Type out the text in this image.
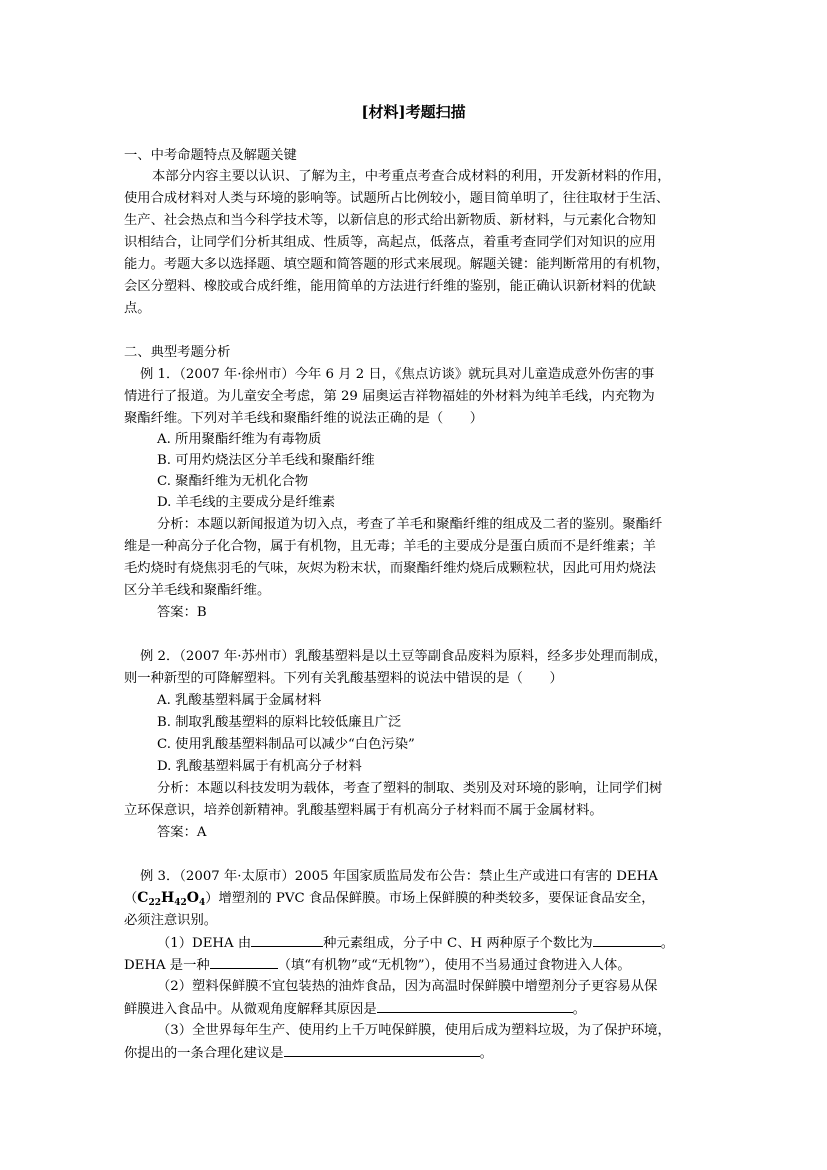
[材料]考题扫描
一、中考命题特点及解题关键
本部分内容主要以认识、了解为主，中考重点考查合成材料的利用，开发新材料的作用，
使用合成材料对人类与环境的影响等。试题所占比例较小，题目简单明了，往往取材于生活、
生产、社会热点和当今科学技术等，以新信息的形式给出新物质、新材料，与元素化合物知
识相结合，让同学们分析其组成、性质等，高起点，低落点，着重考查同学们对知识的应用
能力。考题大多以选择题、填空题和简答题的形式来展现。解题关键：能判断常用的有机物，
会区分塑料、橡胶或合成纤维，能用简单的方法进行纤维的鉴别，能正确认识新材料的优缺
点。
二、典型考题分析
例 1．（2007 年·徐州市）今年 6 月 2 日，《焦点访谈》就玩具对儿童造成意外伤害的事
情进行了报道。为儿童安全考虑，第 29 届奥运吉祥物福娃的外材料为纯羊毛线，内充物为
聚酯纤维。下列对羊毛线和聚酯纤维的说法正确的是（　　）
A. 所用聚酯纤维为有毒物质
B. 可用灼烧法区分羊毛线和聚酯纤维
C. 聚酯纤维为无机化合物
D. 羊毛线的主要成分是纤维素
分析：本题以新闻报道为切入点，考查了羊毛和聚酯纤维的组成及二者的鉴别。聚酯纤
维是一种高分子化合物，属于有机物，且无毒；羊毛的主要成分是蛋白质而不是纤维素；羊
毛灼烧时有烧焦羽毛的气味，灰烬为粉末状，而聚酯纤维灼烧后成颗粒状，因此可用灼烧法
区分羊毛线和聚酯纤维。
答案：B
例 2．（2007 年·苏州市）乳酸基塑料是以土豆等副食品废料为原料，经多步处理而制成，
则一种新型的可降解塑料。下列有关乳酸基塑料的说法中错误的是（　　）
A. 乳酸基塑料属于金属材料
B. 制取乳酸基塑料的原料比较低廉且广泛
C. 使用乳酸基塑料制品可以减少“白色污染”
D. 乳酸基塑料属于有机高分子材料
分析：本题以科技发明为载体，考查了塑料的制取、类别及对环境的影响，让同学们树
立环保意识，培养创新精神。乳酸基塑料属于有机高分子材料而不属于金属材料。
答案：A
例 3．（2007 年·太原市）2005 年国家质监局发布公告：禁止生产或进口有害的 DEHA
$(C_{22}H_{42}O_4)$增塑剂的 PVC 食品保鲜膜。市场上保鲜膜的种类较多，要保证食品安全，
必须注意识别。
（1）DEHA 由	种元素组成，分子中 C、H 两种原子个数比为	。
DEHA 是一种	（填“有机物”或“无机物”），使用不当易通过食物进入人体。
（2）塑料保鲜膜不宜包装热的油炸食品，因为高温时保鲜膜中增塑剂分子更容易从保
鲜膜进入食品中。从微观角度解释其原因是	。
（3）全世界每年生产、使用约上千万吨保鲜膜，使用后成为塑料垃圾，为了保护环境，
你提出的一条合理化建议是	。
